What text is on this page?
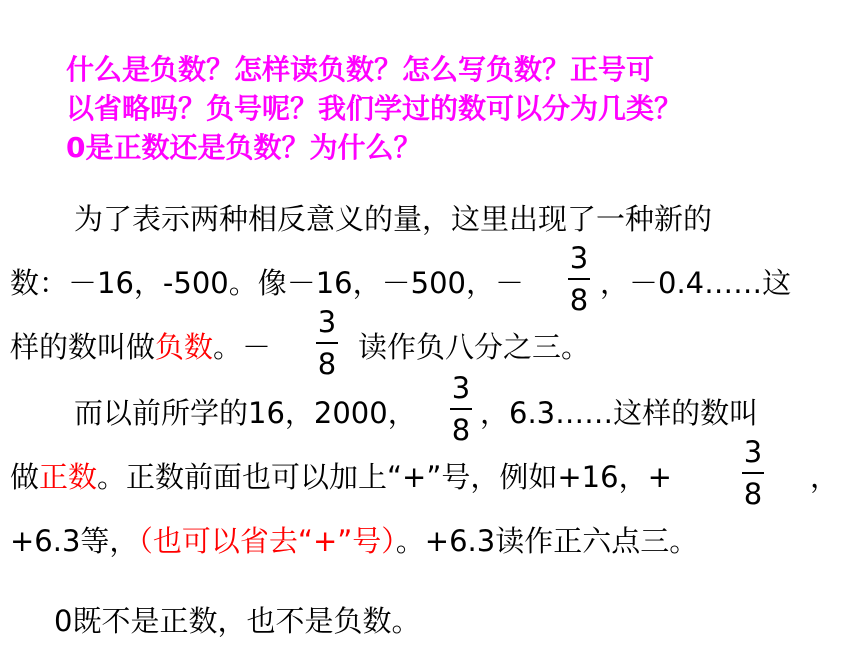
什么是负数？怎样读负数？怎么写负数？正号可
以省略吗？负号呢？我们学过的数可以分为几类？
0是正数还是负数？为什么？
为了表示两种相反意义的量，这里出现了一种新的
数：－16，-500。像－16，－500，－
3
8 ，－0.4……这
样的数叫做负数。－
3
8 读作负八分之三。
而以前所学的16，2000，
3
8 ，6.3……这样的数叫
做正数。正数前面也可以加上“+”号，例如+16，+
3
8 ，
+6.3等，（也可以省去“+”号）。+6.3读作正六点三。
0既不是正数，也不是负数。
